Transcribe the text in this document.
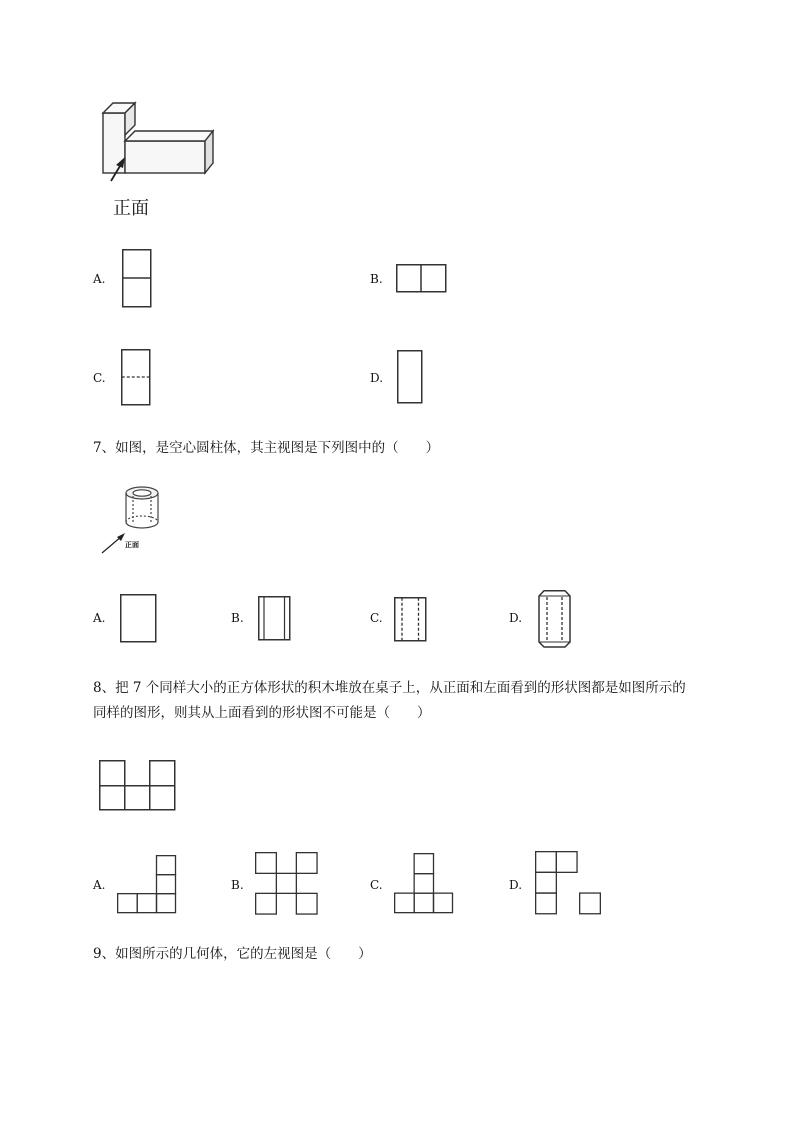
正面
A.	B.
C.	D.
7、如图，是空心圆柱体，其主视图是下列图中的（　　）
正面
A.	B.	C.	D.
8、把 7 个同样大小的正方体形状的积木堆放在桌子上，从正面和左面看到的形状图都是如图所示的
同样的图形，则其从上面看到的形状图不可能是（　　）
A.	B.	C.	D.
9、如图所示的几何体，它的左视图是（　　）
